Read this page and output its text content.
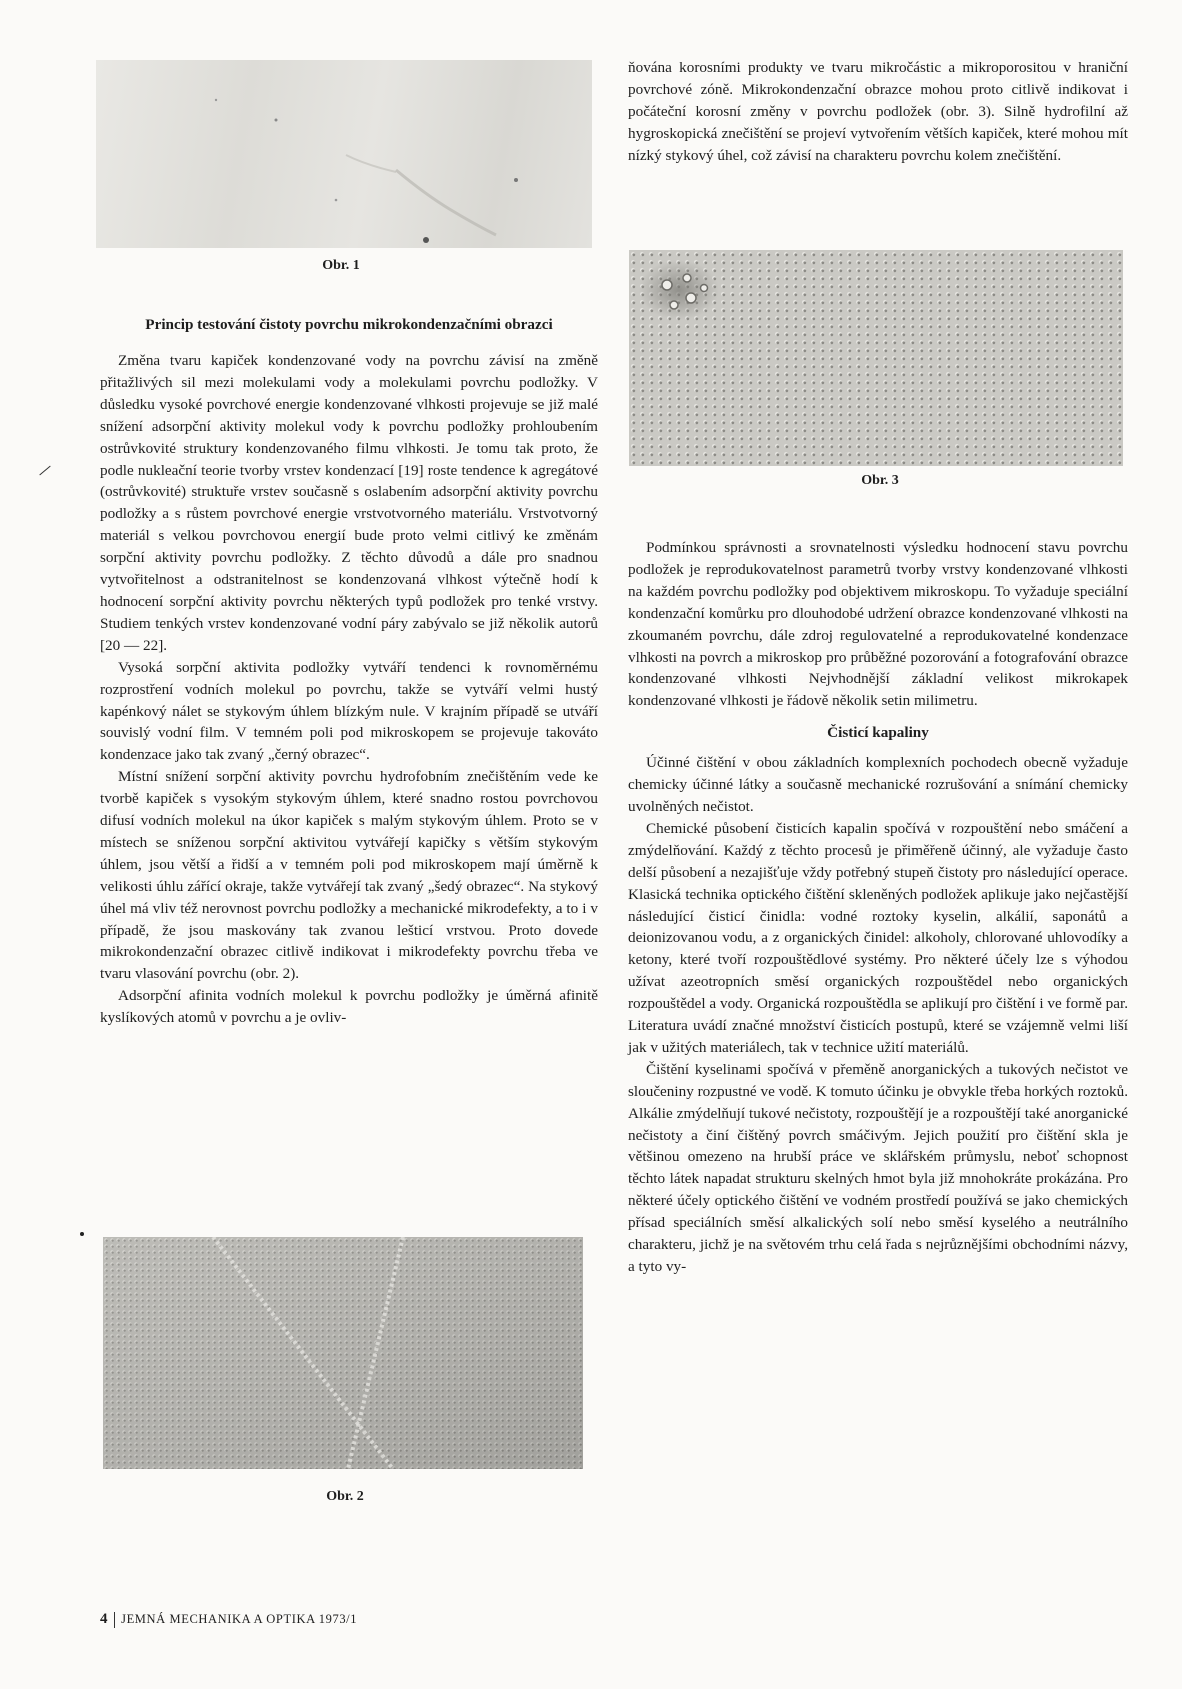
Obr. 1
Princip testování čistoty povrchu mikrokondenzačními obrazci

Změna tvaru kapiček kondenzované vody na povrchu závisí na změně přitažlivých sil mezi molekulami vody a molekulami povrchu podložky. V důsledku vysoké povrchové energie kondenzované vlhkosti projevuje se již malé snížení adsorpční aktivity molekul vody k povrchu podložky prohloubením ostrůvkovité struktury kondenzovaného filmu vlhkosti. Je tomu tak proto, že podle nukleační teorie tvorby vrstev kondenzací [19] roste tendence k agregátové (ostrůvkovité) struktuře vrstev současně s oslabením adsorpční aktivity povrchu podložky a s růstem povrchové energie vrstvotvorného materiálu. Vrstvotvorný materiál s velkou povrchovou energií bude proto velmi citlivý ke změnám sorpční aktivity povrchu podložky. Z těchto důvodů a dále pro snadnou vytvořitelnost a odstranitelnost se kondenzovaná vlhkost výtečně hodí k hodnocení sorpční aktivity povrchu některých typů podložek pro tenké vrstvy. Studiem tenkých vrstev kondenzované vodní páry zabývalo se již několik autorů [20 — 22].

Vysoká sorpční aktivita podložky vytváří tendenci k rovnoměrnému rozprostření vodních molekul po povrchu, takže se vytváří velmi hustý kapénkový nálet se stykovým úhlem blízkým nule. V krajním případě se utváří souvislý vodní film. V temném poli pod mikroskopem se projevuje takováto kondenzace jako tak zvaný „černý obrazec“.

Místní snížení sorpční aktivity povrchu hydrofobním znečištěním vede ke tvorbě kapiček s vysokým stykovým úhlem, které snadno rostou povrchovou difusí vodních molekul na úkor kapiček s malým stykovým úhlem. Proto se v místech se sníženou sorpční aktivitou vytvářejí kapičky s větším stykovým úhlem, jsou větší a řidší a v temném poli pod mikroskopem mají úměrně k velikosti úhlu zářící okraje, takže vytvářejí tak zvaný „šedý obrazec“. Na stykový úhel má vliv též nerovnost povrchu podložky a mechanické mikrodefekty, a to i v případě, že jsou maskovány tak zvanou lešticí vrstvou. Proto dovede mikrokondenzační obrazec citlivě indikovat i mikrodefekty povrchu třeba ve tvaru vlasování povrchu (obr. 2).

Adsorpční afinita vodních molekul k povrchu podložky je úměrná afinitě kyslíkových atomů v povrchu a je ovliv-

Obr. 2

ňována korosními produkty ve tvaru mikročástic a mikroporositou v hraniční povrchové zóně. Mikrokondenzační obrazce mohou proto citlivě indikovat i počáteční korosní změny v povrchu podložek (obr. 3). Silně hydrofilní až hygroskopická znečištění se projeví vytvořením větších kapiček, které mohou mít nízký stykový úhel, což závisí na charakteru povrchu kolem znečištění.

Obr. 3

Podmínkou správnosti a srovnatelnosti výsledku hodnocení stavu povrchu podložek je reprodukovatelnost parametrů tvorby vrstvy kondenzované vlhkosti na každém povrchu podložky pod objektivem mikroskopu. To vyžaduje speciální kondenzační komůrku pro dlouhodobé udržení obrazce kondenzované vlhkosti na zkoumaném povrchu, dále zdroj regulovatelné a reprodukovatelné kondenzace vlhkosti na povrch a mikroskop pro průběžné pozorování a fotografování obrazce kondenzované vlhkosti Nejvhodnější základní velikost mikrokapek kondenzované vlhkosti je řádově několik setin milimetru.

Čisticí kapaliny

Účinné čištění v obou základních komplexních pochodech obecně vyžaduje chemicky účinné látky a současně mechanické rozrušování a snímání chemicky uvolněných nečistot.

Chemické působení čisticích kapalin spočívá v rozpouštění nebo smáčení a zmýdelňování. Každý z těchto procesů je přiměřeně účinný, ale vyžaduje často delší působení a nezajišťuje vždy potřebný stupeň čistoty pro následující operace. Klasická technika optického čištění skleněných podložek aplikuje jako nejčastější následující čisticí činidla: vodné roztoky kyselin, alkálií, saponátů a deionizovanou vodu, a z organických činidel: alkoholy, chlorované uhlovodíky a ketony, které tvoří rozpouštědlové systémy. Pro některé účely lze s výhodou užívat azeotropních směsí organických rozpouštědel nebo organických rozpouštědel a vody. Organická rozpouštědla se aplikují pro čištění i ve formě par. Literatura uvádí značné množství čisticích postupů, které se vzájemně velmi liší jak v užitých materiálech, tak v technice užití materiálů.

Čištění kyselinami spočívá v přeměně anorganických a tukových nečistot ve sloučeniny rozpustné ve vodě. K tomuto účinku je obvykle třeba horkých roztoků. Alkálie zmýdelňují tukové nečistoty, rozpouštějí je a rozpouštějí také anorganické nečistoty a činí čištěný povrch smáčivým. Jejich použití pro čištění skla je většinou omezeno na hrubší práce ve sklářském průmyslu, neboť schopnost těchto látek napadat strukturu skelných hmot byla již mnohokráte prokázána. Pro některé účely optického čištění ve vodném prostředí používá se jako chemických přísad speciálních směsí alkalických solí nebo směsí kyselého a neutrálního charakteru, jichž je na světovém trhu celá řada s nejrůznějšími obchodními názvy, a tyto vy-

4 JEMNÁ MECHANIKA A OPTIKA 1973/1
